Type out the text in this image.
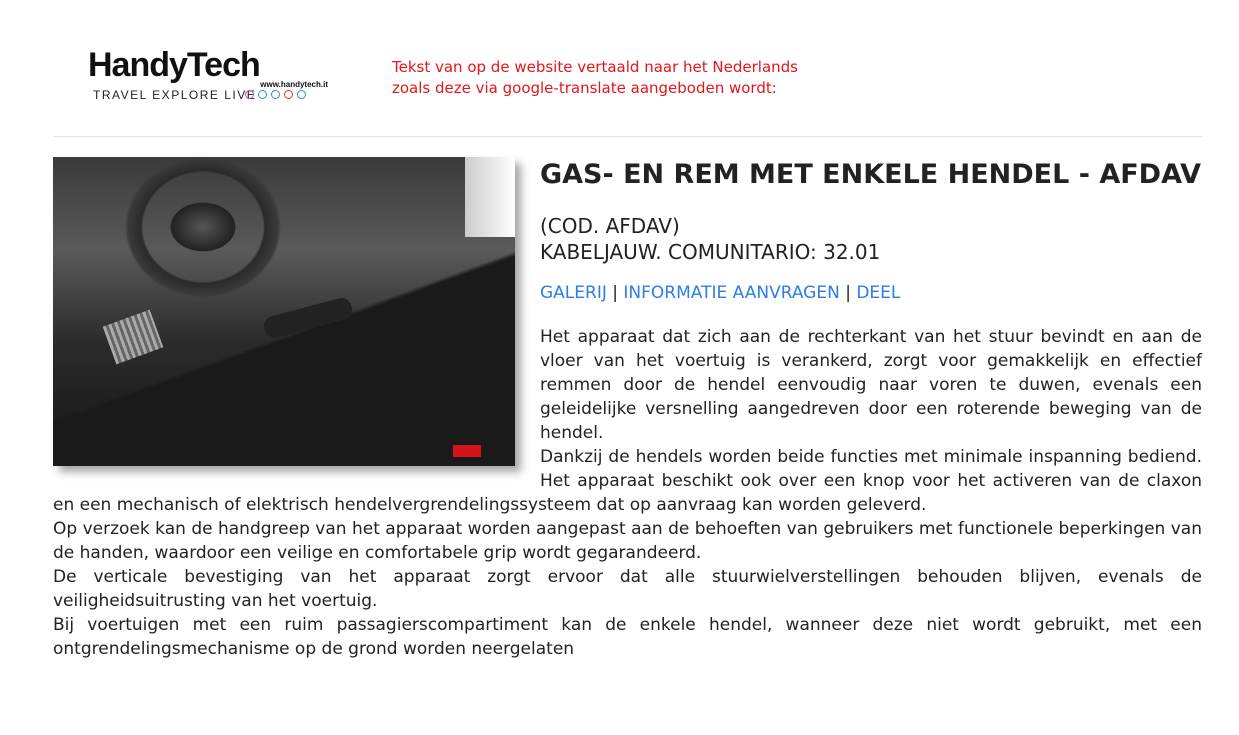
HandyTech
www.handytech.it
TRAVEL EXPLORE LIVE
Tekst van op de website vertaald naar het Nederlands
zoals deze via google-translate aangeboden wordt:
GAS- EN REM MET ENKELE HENDEL - AFDAV
(COD. AFDAV)
KABELJAUW. COMUNITARIO: 32.01
GALERIJ | INFORMATIE AANVRAGEN | DEEL

Het apparaat dat zich aan de rechterkant van het stuur bevindt en aan de vloer van het voertuig is verankerd, zorgt voor gemakkelijk en effectief remmen door de hendel eenvoudig naar voren te duwen, evenals een geleidelijke versnelling aangedreven door een roterende beweging van de hendel.

Dankzij de hendels worden beide functies met minimale inspanning bediend. Het apparaat beschikt ook over een knop voor het activeren van de claxon en een mechanisch of elektrisch hendelvergrendelingssysteem dat op aanvraag kan worden geleverd.

Op verzoek kan de handgreep van het apparaat worden aangepast aan de behoeften van gebruikers met functionele beperkingen van de handen, waardoor een veilige en comfortabele grip wordt gegarandeerd.

De verticale bevestiging van het apparaat zorgt ervoor dat alle stuurwielverstellingen behouden blijven, evenals de veiligheidsuitrusting van het voertuig.

Bij voertuigen met een ruim passagierscompartiment kan de enkele hendel, wanneer deze niet wordt gebruikt, met een ontgrendelingsmechanisme op de grond worden neergelaten
